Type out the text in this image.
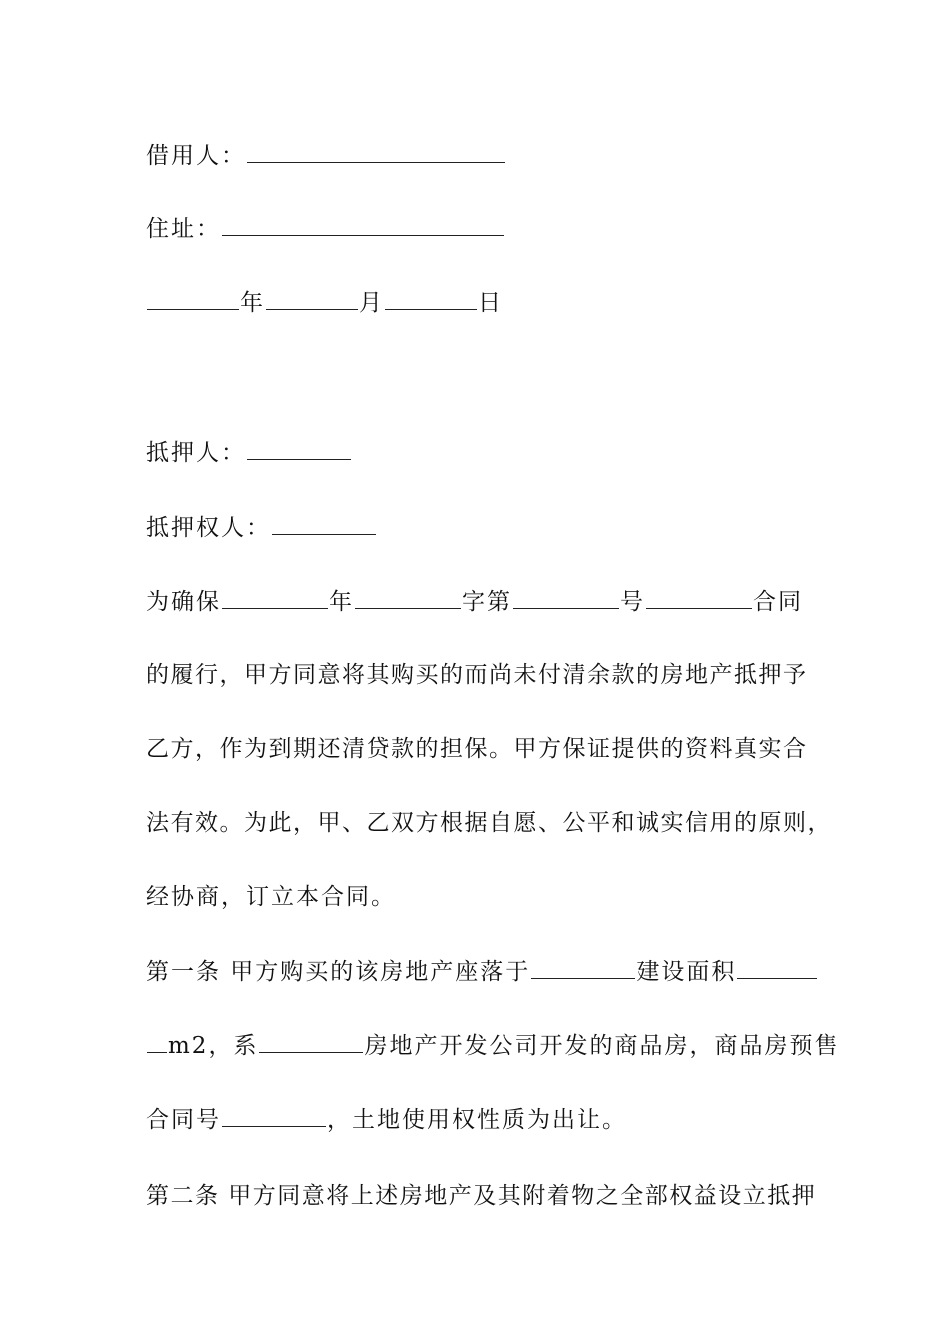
借用人：
住址：
年	月	日
抵押人：
抵押权人：
为确保	年	字第	号	合同
的履行，甲方同意将其购买的而尚未付清余款的房地产抵押予
乙方，作为到期还清贷款的担保。甲方保证提供的资料真实合
法有效。为此，甲、乙双方根据自愿、公平和诚实信用的原则，
经协商，订立本合同。
第一条 甲方购买的该房地产座落于	建设面积
m2，系	房地产开发公司开发的商品房，商品房预售
合同号	，土地使用权性质为出让。
第二条 甲方同意将上述房地产及其附着物之全部权益设立抵押
